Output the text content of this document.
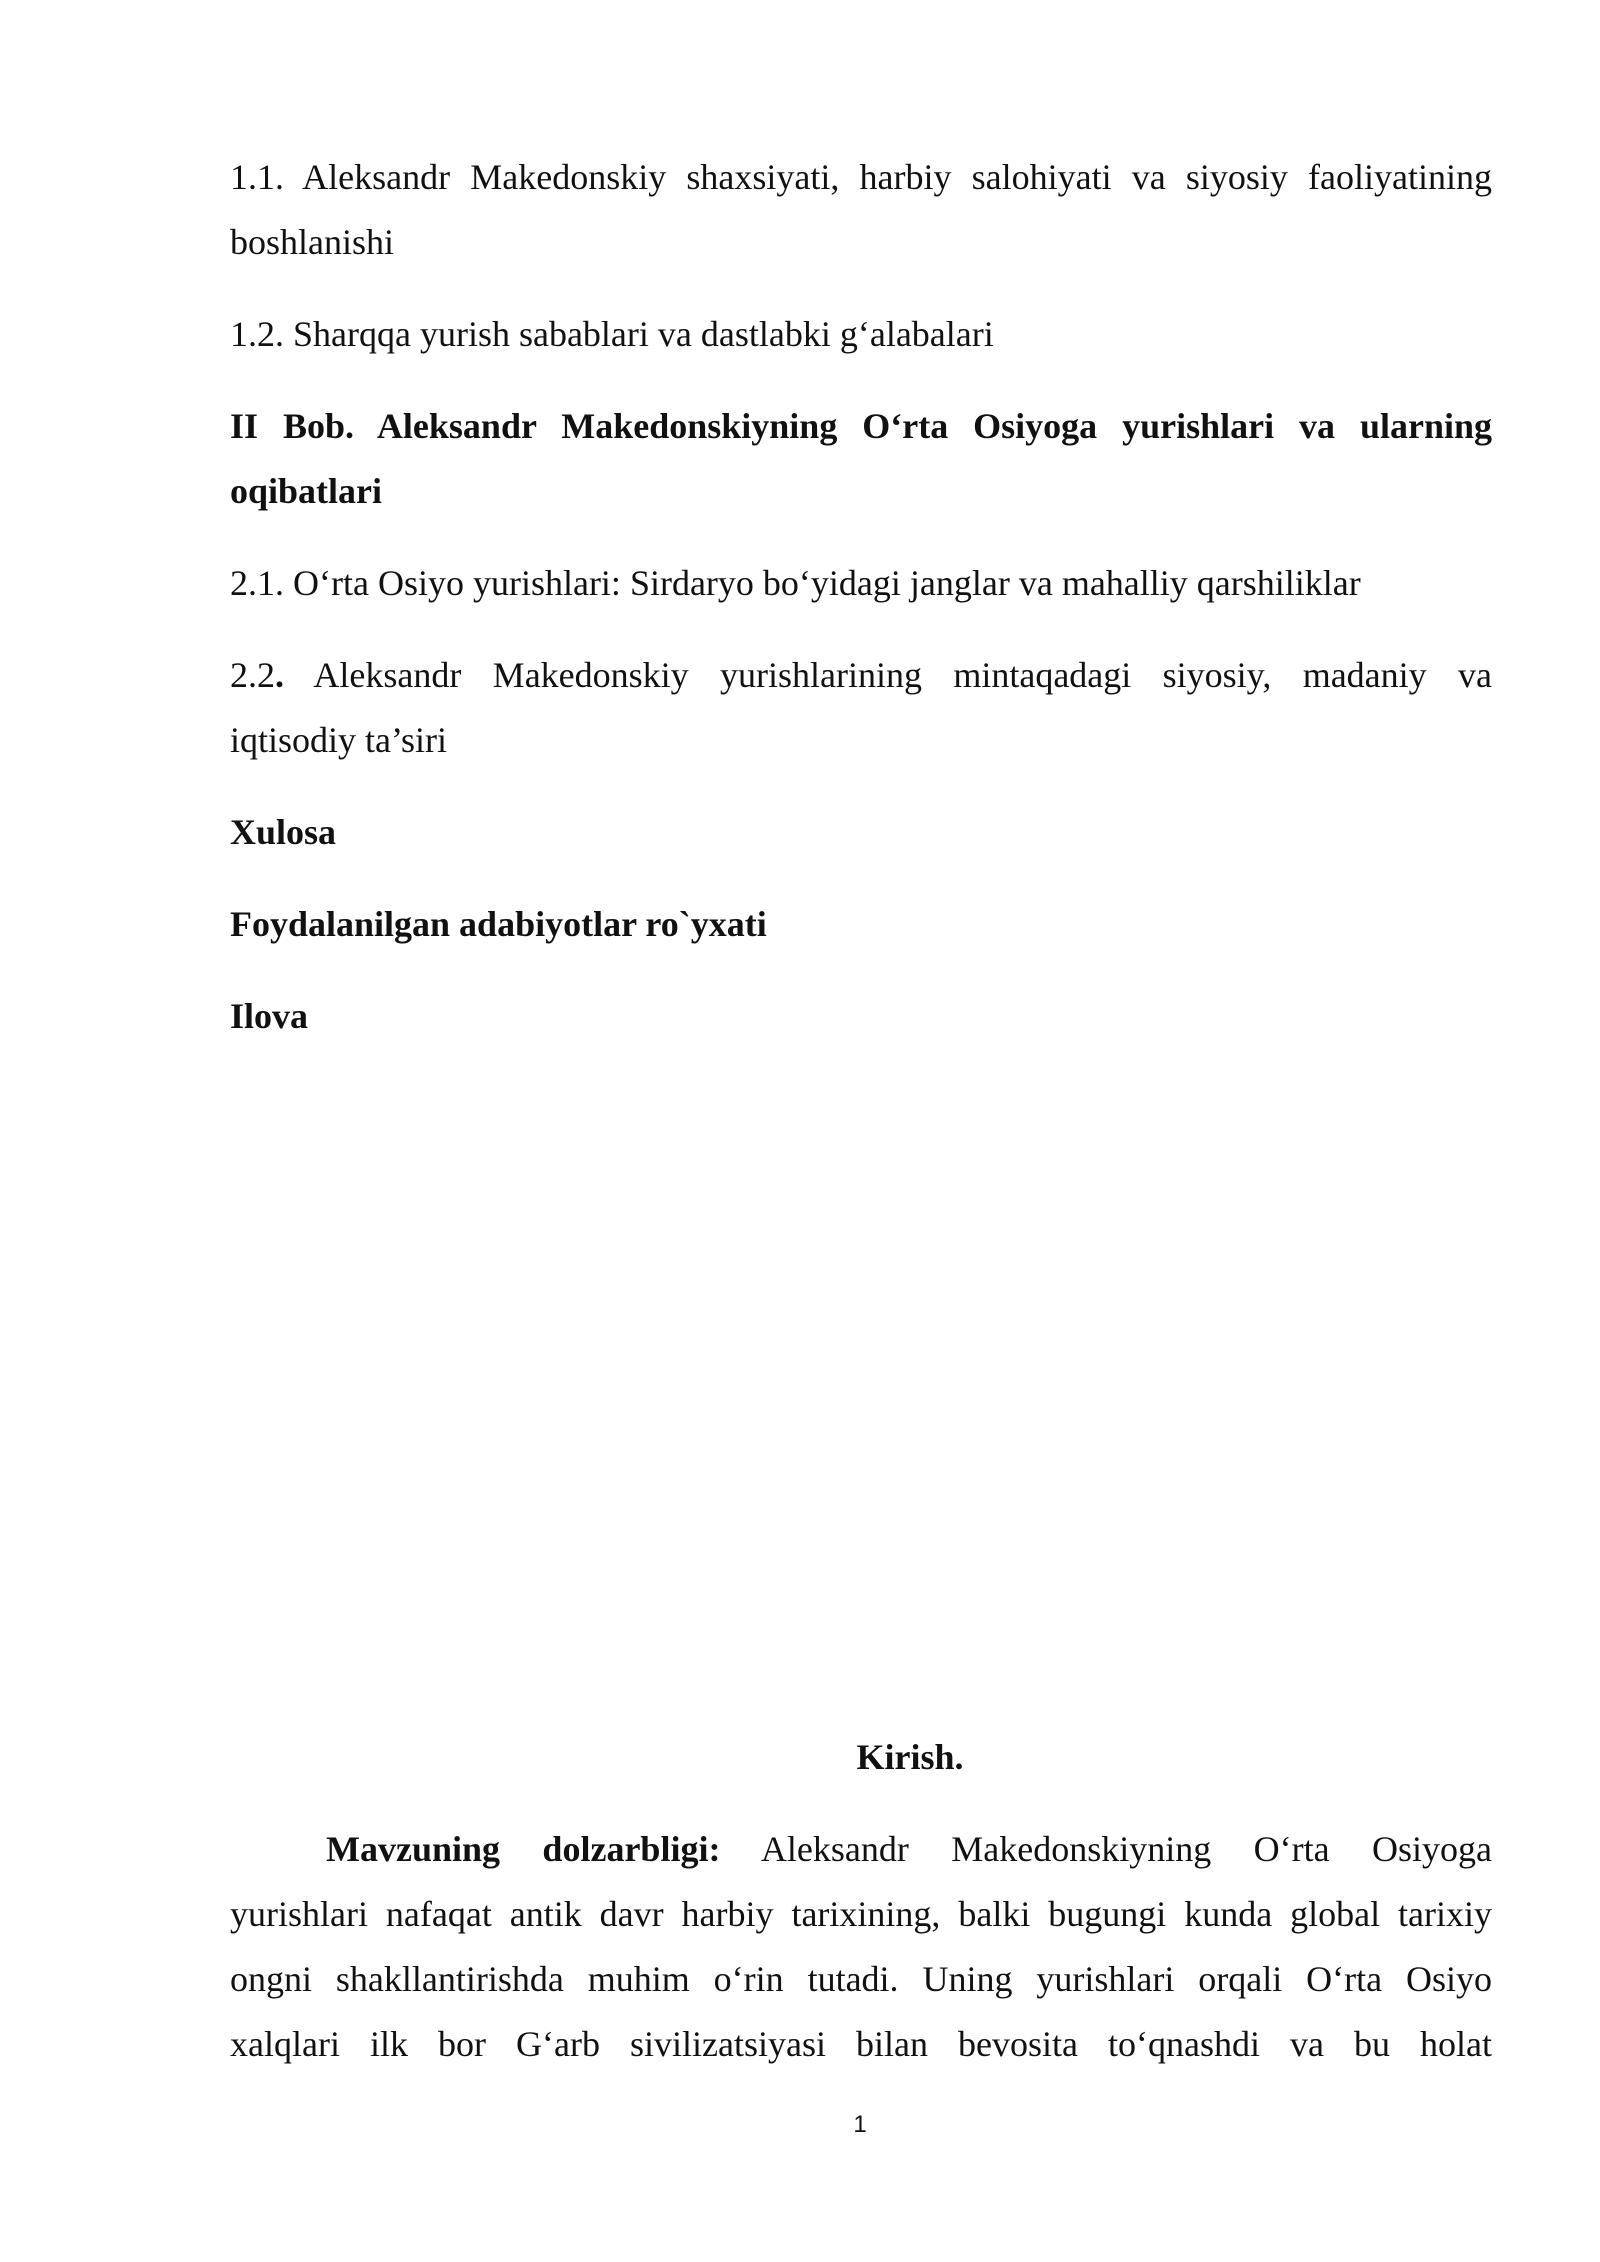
1.1. Aleksandr Makedonskiy shaxsiyati, harbiy salohiyati va siyosiy faoliyatining
boshlanishi
1.2. Sharqqa yurish sabablari va dastlabki g‘alabalari
II Bob. Aleksandr Makedonskiyning O‘rta Osiyoga yurishlari va ularning
oqibatlari
2.1. O‘rta Osiyo yurishlari: Sirdaryo bo‘yidagi janglar va mahalliy qarshiliklar
2.2. Aleksandr Makedonskiy yurishlarining mintaqadagi siyosiy, madaniy va
iqtisodiy ta’siri
Xulosa
Foydalanilgan adabiyotlar ro`yxati
Ilova
Kirish.
Mavzuning dolzarbligi: Aleksandr Makedonskiyning O‘rta Osiyoga
yurishlari nafaqat antik davr harbiy tarixining, balki bugungi kunda global tarixiy
ongni shakllantirishda muhim o‘rin tutadi. Uning yurishlari orqali O‘rta Osiyo
xalqlari ilk bor G‘arb sivilizatsiyasi bilan bevosita to‘qnashdi va bu holat
1
